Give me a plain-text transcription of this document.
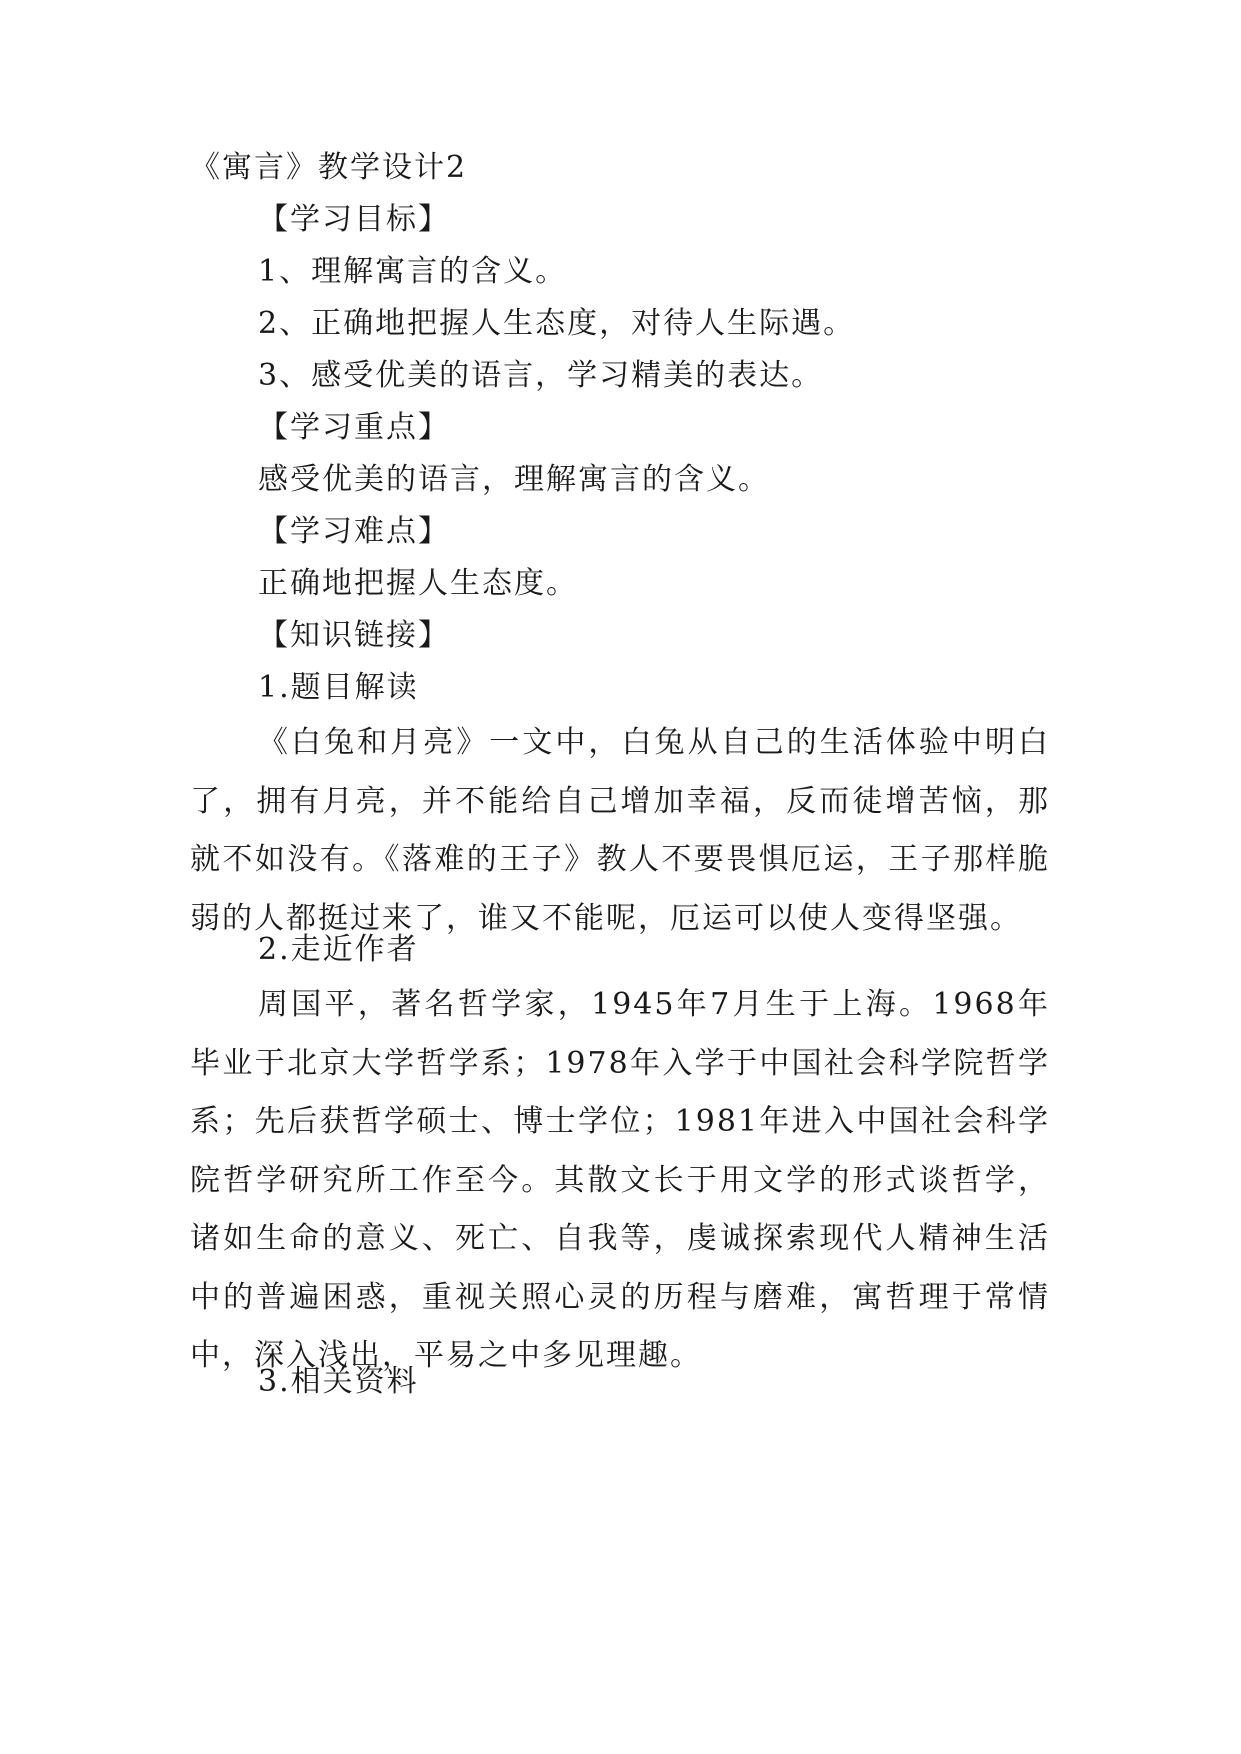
《寓言》教学设计2
【学习目标】
1、理解寓言的含义。
2、正确地把握人生态度，对待人生际遇。
3、感受优美的语言，学习精美的表达。
【学习重点】
感受优美的语言，理解寓言的含义。
【学习难点】
正确地把握人生态度。
【知识链接】
1.题目解读
《白兔和月亮》一文中，白兔从自己的生活体验中明白了，拥有月亮，并不能给自己增加幸福，反而徒增苦恼，那就不如没有。《落难的王子》教人不要畏惧厄运，王子那样脆弱的人都挺过来了，谁又不能呢，厄运可以使人变得坚强。
2.走近作者
周国平，著名哲学家，1945年7月生于上海。1968年毕业于北京大学哲学系；1978年入学于中国社会科学院哲学系；先后获哲学硕士、博士学位；1981年进入中国社会科学院哲学研究所工作至今。其散文长于用文学的形式谈哲学，诸如生命的意义、死亡、自我等，虔诚探索现代人精神生活中的普遍困惑，重视关照心灵的历程与磨难，寓哲理于常情中，深入浅出，平易之中多见理趣。
3.相关资料
